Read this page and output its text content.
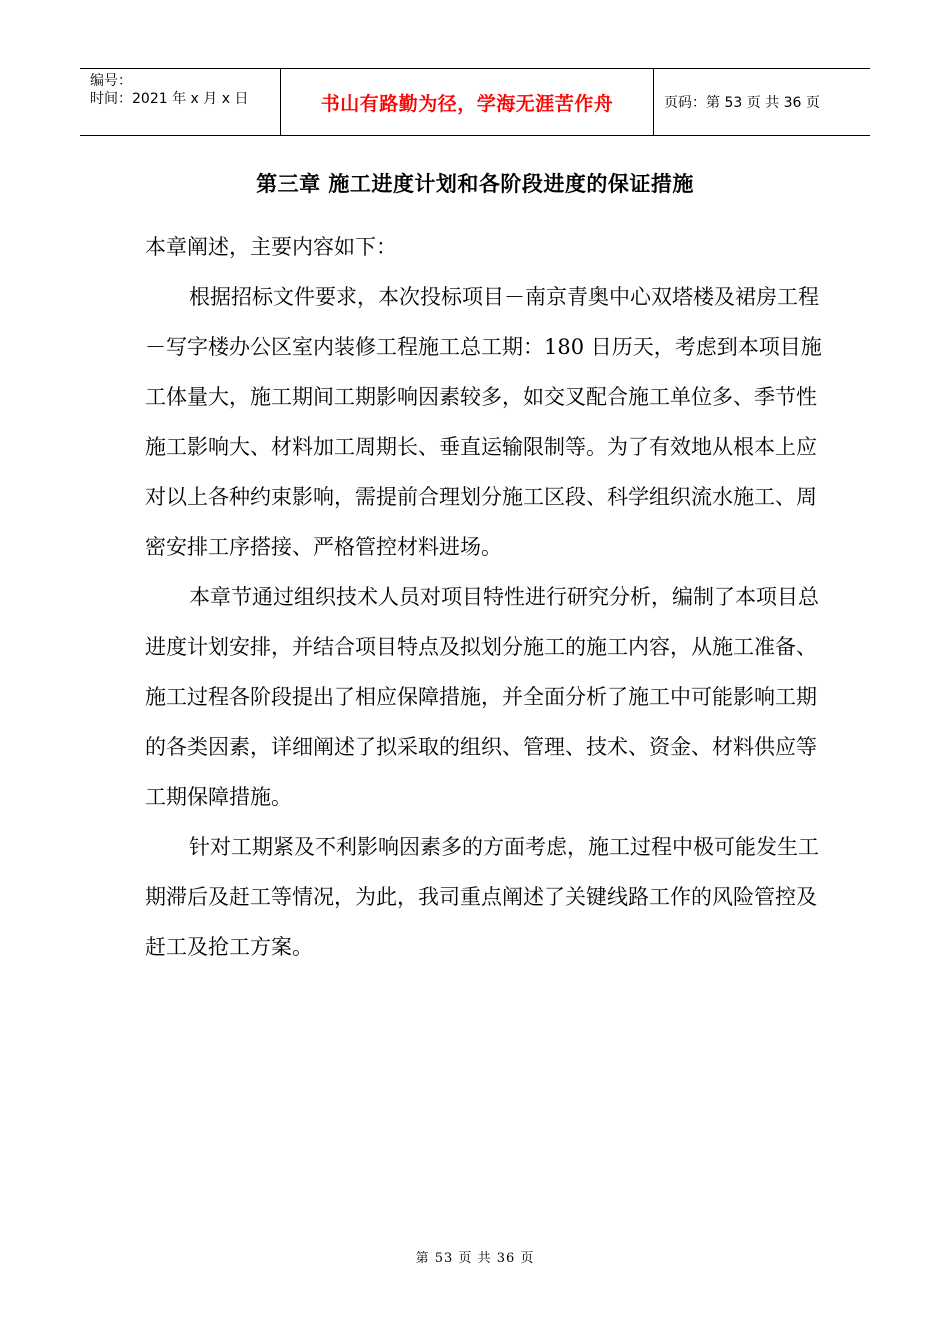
编号：
时间：2021 年 x 月 x 日	书山有路勤为径，学海无涯苦作舟	页码：第 53 页 共 36 页
第三章 施工进度计划和各阶段进度的保证措施

本章阐述，主要内容如下：

根据招标文件要求，本次投标项目－南京青奥中心双塔楼及裙房工程－写字楼办公区室内装修工程施工总工期：180 日历天，考虑到本项目施工体量大，施工期间工期影响因素较多，如交叉配合施工单位多、季节性施工影响大、材料加工周期长、垂直运输限制等。为了有效地从根本上应对以上各种约束影响，需提前合理划分施工区段、科学组织流水施工、周密安排工序搭接、严格管控材料进场。

本章节通过组织技术人员对项目特性进行研究分析，编制了本项目总进度计划安排，并结合项目特点及拟划分施工的施工内容，从施工准备、施工过程各阶段提出了相应保障措施，并全面分析了施工中可能影响工期的各类因素，详细阐述了拟采取的组织、管理、技术、资金、材料供应等工期保障措施。

针对工期紧及不利影响因素多的方面考虑，施工过程中极可能发生工期滞后及赶工等情况，为此，我司重点阐述了关键线路工作的风险管控及赶工及抢工方案。

第 53 页 共 36 页
